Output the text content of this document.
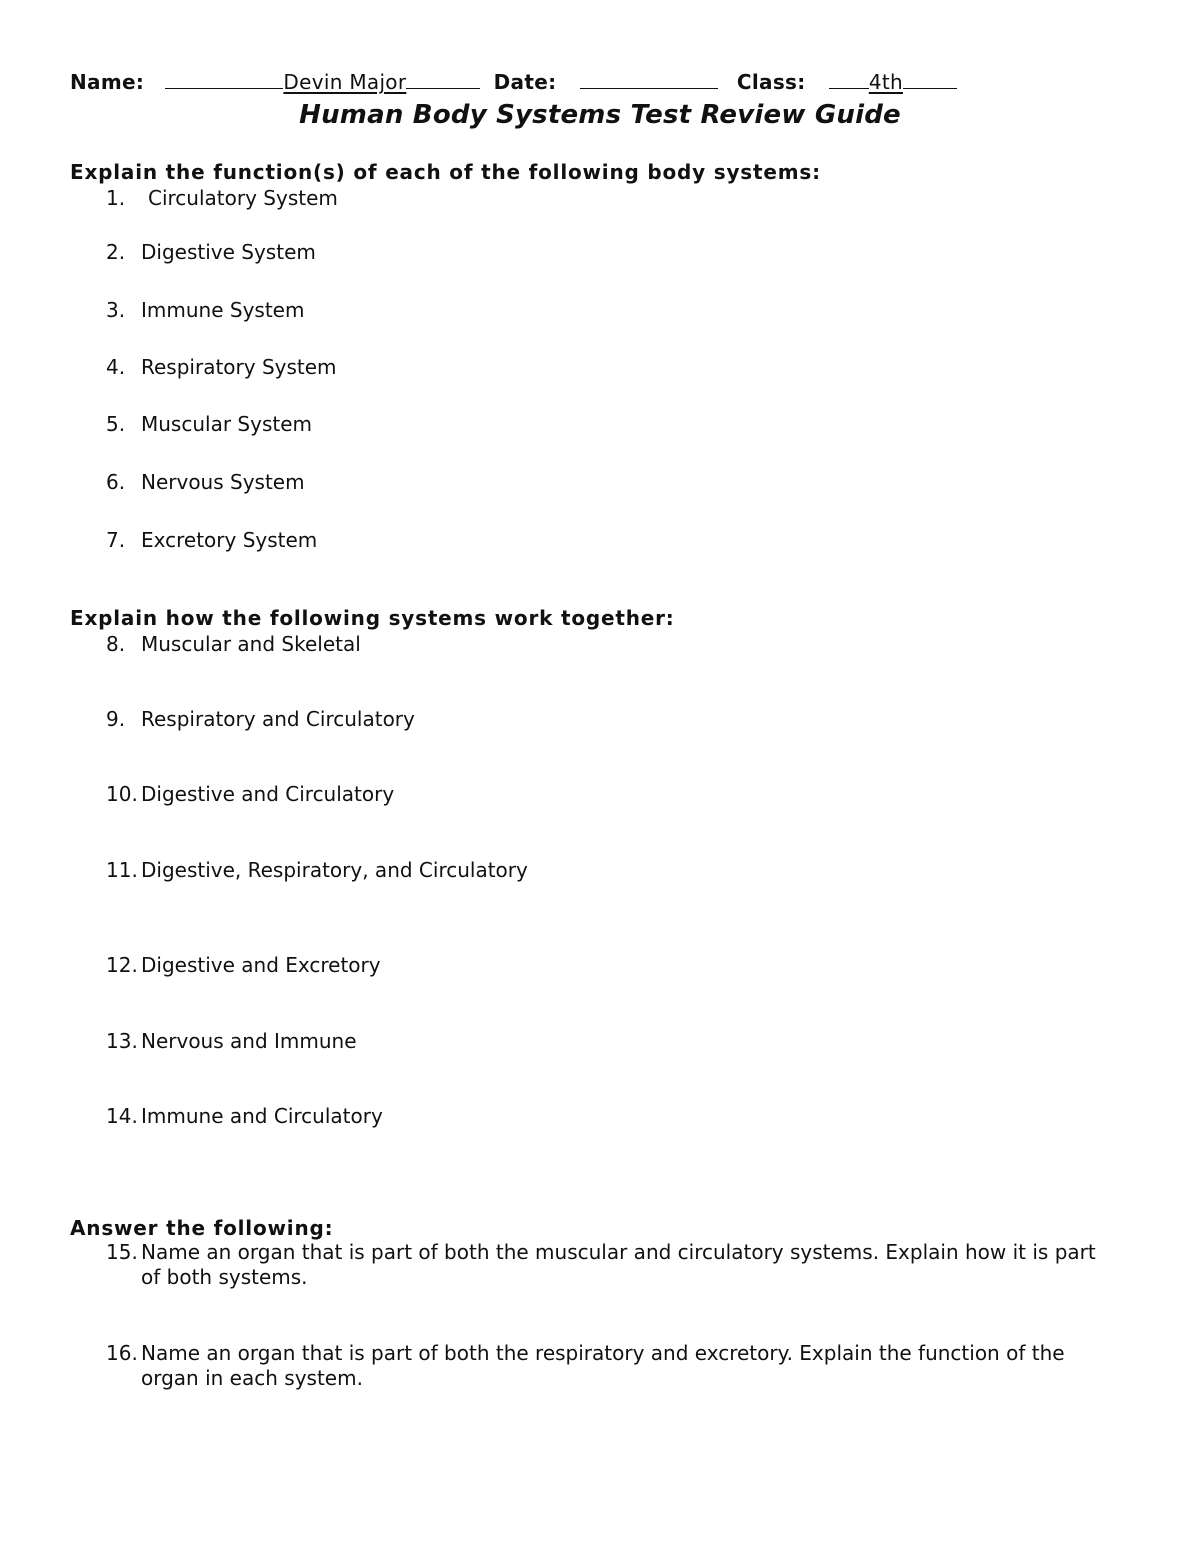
Name:	Devin Major	Date:	Class:	4th
Human Body Systems Test Review Guide
Explain the function(s) of each of the following body systems:
1. Circulatory System
2. Digestive System
3. Immune System
4. Respiratory System
5. Muscular System
6. Nervous System
7. Excretory System
Explain how the following systems work together:
8. Muscular and Skeletal
9. Respiratory and Circulatory
10. Digestive and Circulatory
11. Digestive, Respiratory, and Circulatory
12. Digestive and Excretory
13. Nervous and Immune
14. Immune and Circulatory
Answer the following:
15. Name an organ that is part of both the muscular and circulatory systems. Explain how it is part of both systems.
16. Name an organ that is part of both the respiratory and excretory. Explain the function of the organ in each system.
